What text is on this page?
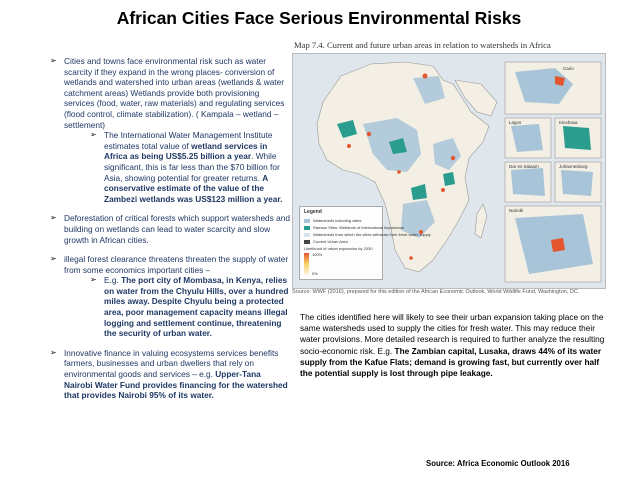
African Cities Face Serious Environmental Risks
➢ Cities and towns face environmental risk such as water scarcity if they expand in the wrong places- conversion of wetlands and watershed into urban areas (wetlands & water catchment areas) Wetlands provide both provisioning services (food, water, raw materials) and regulating services (flood control, climate stabilization). ( Kampala – wetland – settlement)
➢ The International Water Management Institute estimates total value of wetland services in Africa as being US$5.25 billion a year. While significant, this is far less than the $70 billion for Asia, showing potential for greater returns. A conservative estimate of the value of the Zambezi wetlands was US$123 million a year.
➢ Deforestation of critical forests which support watersheds and building on wetlands can lead to water scarcity and slow growth in African cities.
➢ illegal forest clearance threatens threaten the supply of water from some economics important cities –
➢ E.g. The port city of Mombasa, in Kenya, relies on water from the Chyulu Hills, over a hundred miles away. Despite Chyulu being a protected area, poor management capacity means illegal logging and settlement continue, threatening the security of urban water.
➢ Innovative finance in valuing ecosystems services benefits farmers, businesses and urban dwellers that rely on environmental goods and services – e.g. Upper-Tana Nairobi Water Fund provides financing for the watershed that provides Nairobi 95% of its water.
Map 7.4. Current and future urban areas in relation to watersheds in Africa
Cairo
Lagos	Kinshasa
Dar es Salaam	Johannesburg
Nairobi
Legend
Watersheds including cities
Ramsar Sites: Wetlands of international importance
Watersheds from which the cities withdraw their fresh water supply
Current Urban Area
Likelihood of urban expansion by 2030
100%
0%
Source: WWF (2016), prepared for this edition of the African Economic Outlook, World Wildlife Fund, Washington, DC.
The cities identified here will likely to see their urban expansion taking place on the same watersheds used to supply the cities for fresh water. This may reduce their water provisions. More detailed research is required to further analyze the resulting socio-economic risk. E.g. The Zambian capital, Lusaka, draws 44% of its water supply from the Kafue Flats; demand is growing fast, but currently over half the potential supply is lost through pipe leakage.
Source: Africa Economic Outlook 2016
